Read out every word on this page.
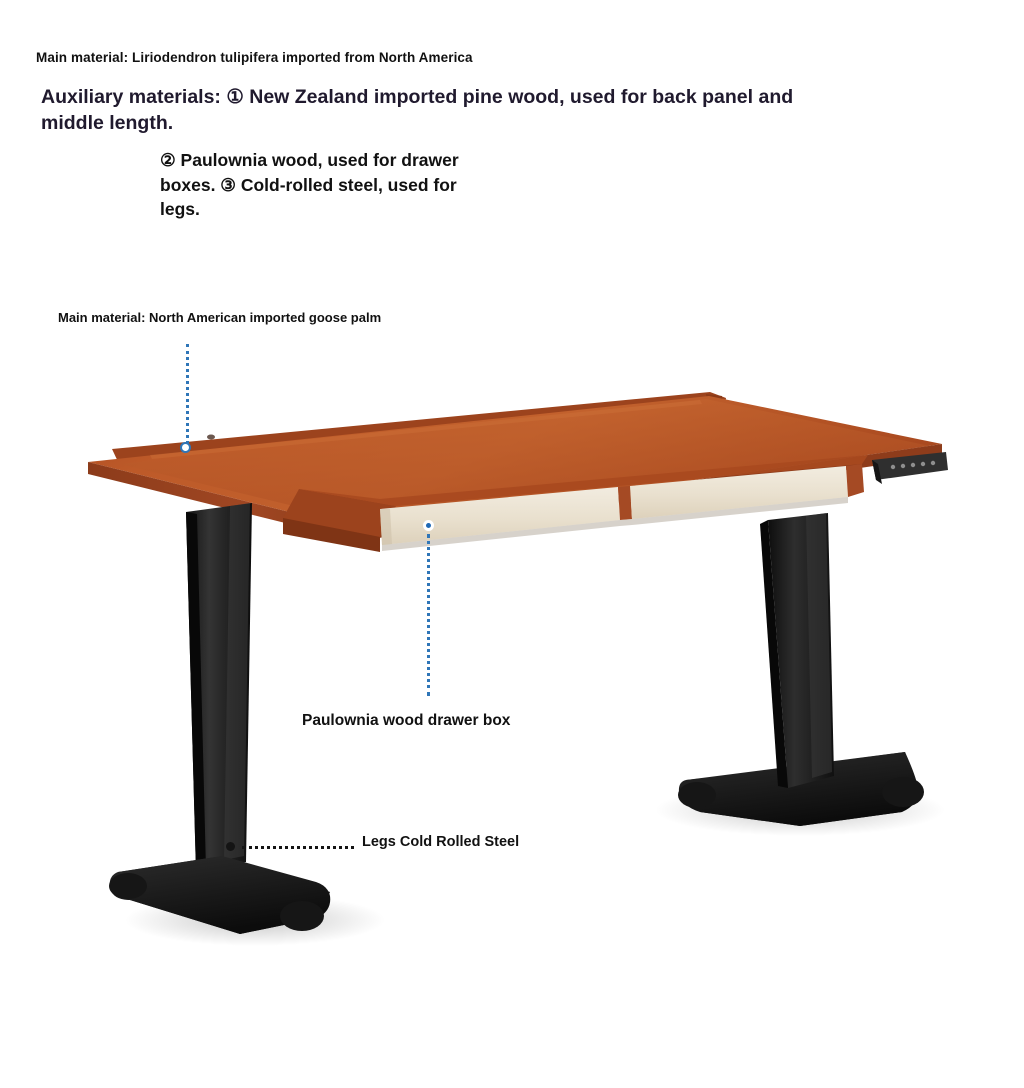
Main material: Liriodendron tulipifera imported from North America
Auxiliary materials: ① New Zealand imported pine wood, used for back panel and middle length.
② Paulownia wood, used for drawer boxes. ③ Cold-rolled steel, used for legs.
Main material: North American imported goose palm
Paulownia wood drawer box
Legs Cold Rolled Steel
